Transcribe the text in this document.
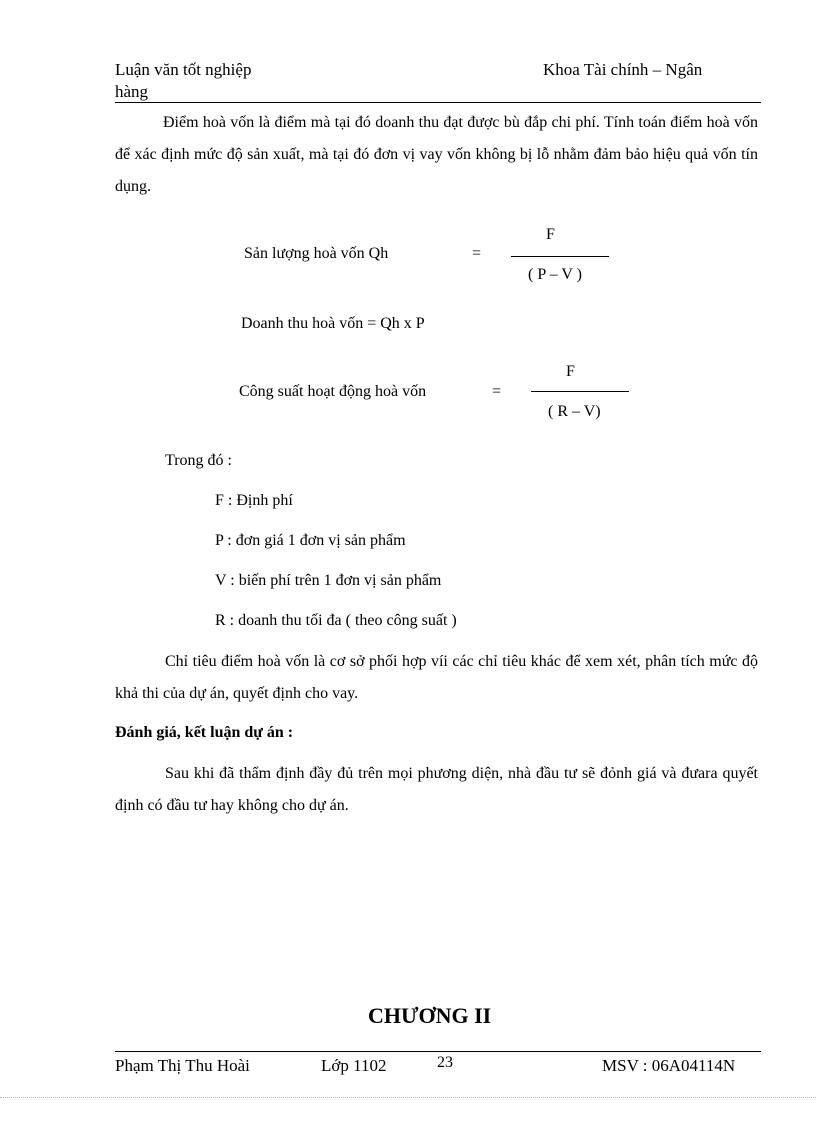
Luận văn tốt nghiệp
hàng
Khoa Tài chính – Ngân
Điểm hoà vốn là điểm mà tại đó doanh thu đạt được bù đắp chi phí. Tính toán điểm hoà vốn để xác định mức độ sản xuất, mà tại đó đơn vị vay vốn không bị lỗ nhằm đảm bảo hiệu quả vốn tín dụng.
Sản lượng hoà vốn Qh	=
F
( P – V )
Doanh thu hoà vốn = Qh x P
Công suất hoạt động hoà vốn	=
F
( R – V)
Trong đó :
F : Định phí
P : đơn giá 1 đơn vị sản phẩm
V : biến phí trên 1 đơn vị sản phẩm
R : doanh thu tối đa ( theo công suất )
Chỉ tiêu điểm hoà vốn là cơ sở phối hợp víi các chỉ tiêu khác để xem xét, phân tích mức độ khả thi của dự án, quyết định cho vay.
Đánh giá, kết luận dự án :
Sau khi đã thẩm định đầy đủ trên mọi phương diện, nhà đầu tư sẽ đỏnh giá và đưara quyết định có đầu tư hay không cho dự án.
CHƯƠNG II
Phạm Thị Thu Hoài	Lớp 1102	23	MSV : 06A04114N
